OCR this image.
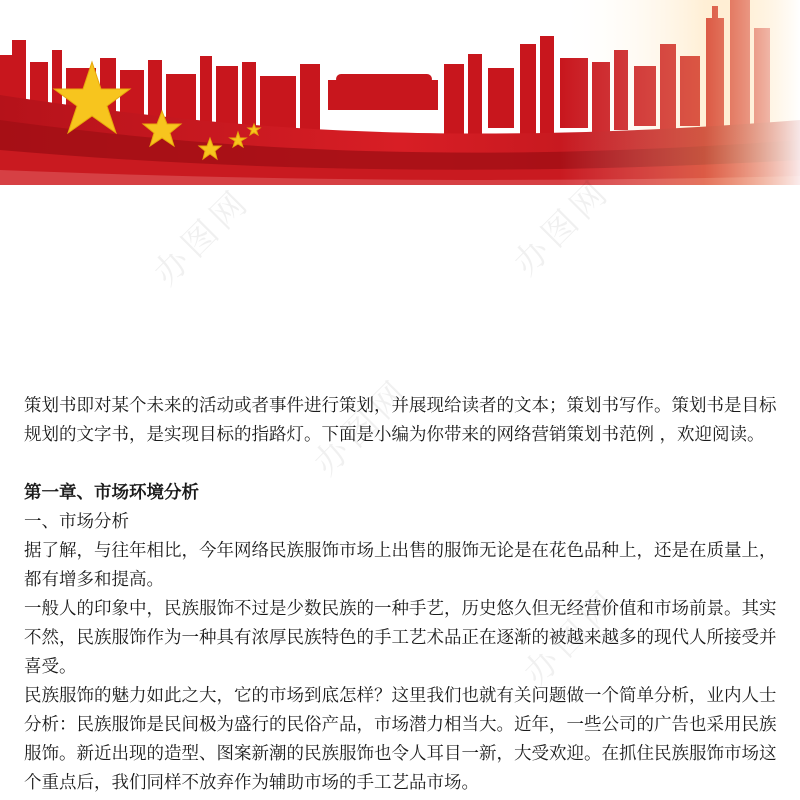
办图网	办图网
办图网
办图网

策划书即对某个未来的活动或者事件进行策划，并展现给读者的文本；策划书写作。策划书是目标规划的文字书，是实现目标的指路灯。下面是小编为你带来的网络营销策划书范例 ，欢迎阅读。

第一章、市场环境分析

一、市场分析

据了解，与往年相比，今年网络民族服饰市场上出售的服饰无论是在花色品种上，还是在质量上，都有增多和提高。

一般人的印象中，民族服饰不过是少数民族的一种手艺，历史悠久但无经营价值和市场前景。其实不然，民族服饰作为一种具有浓厚民族特色的手工艺术品正在逐渐的被越来越多的现代人所接受并喜受。

民族服饰的魅力如此之大，它的市场到底怎样？这里我们也就有关问题做一个简单分析，业内人士分析：民族服饰是民间极为盛行的民俗产品，市场潜力相当大。近年，一些公司的广告也采用民族服饰。新近出现的造型、图案新潮的民族服饰也令人耳目一新，大受欢迎。在抓住民族服饰市场这个重点后，我们同样不放弃作为辅助市场的手工艺品市场。
